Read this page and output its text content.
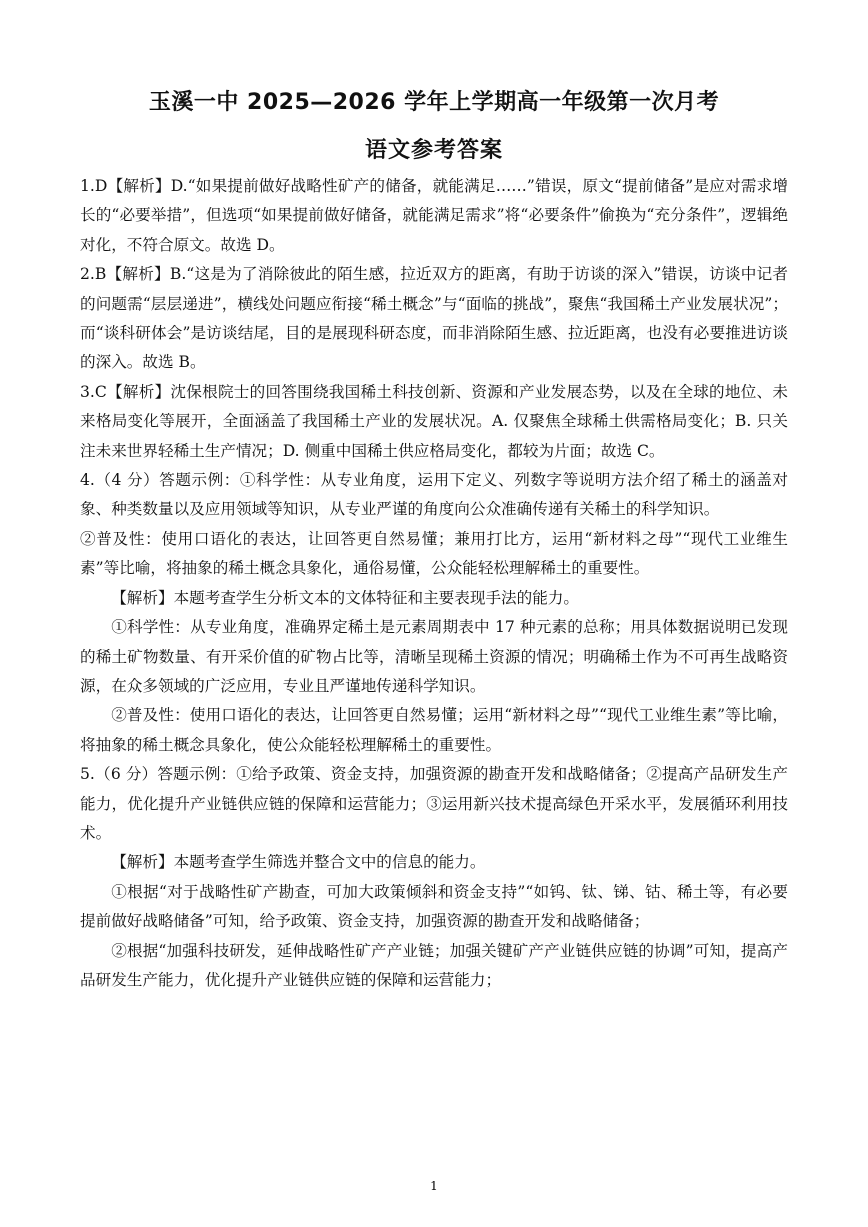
玉溪一中 2025—2026 学年上学期高一年级第一次月考
语文参考答案

1.D【解析】D.“如果提前做好战略性矿产的储备，就能满足……”错误，原文“提前储备”是应对需求增长的“必要举措”，但选项“如果提前做好储备，就能满足需求”将“必要条件”偷换为“充分条件”，逻辑绝对化，不符合原文。故选 D。

2.B【解析】B.“这是为了消除彼此的陌生感，拉近双方的距离，有助于访谈的深入”错误，访谈中记者的问题需“层层递进”，横线处问题应衔接“稀土概念”与“面临的挑战”，聚焦“我国稀土产业发展状况”；而“谈科研体会”是访谈结尾，目的是展现科研态度，而非消除陌生感、拉近距离，也没有必要推进访谈的深入。故选 B。

3.C【解析】沈保根院士的回答围绕我国稀土科技创新、资源和产业发展态势，以及在全球的地位、未来格局变化等展开，全面涵盖了我国稀土产业的发展状况。A. 仅聚焦全球稀土供需格局变化；B. 只关注未来世界轻稀土生产情况；D. 侧重中国稀土供应格局变化，都较为片面；故选 C。

4.（4 分）答题示例：①科学性：从专业角度，运用下定义、列数字等说明方法介绍了稀土的涵盖对象、种类数量以及应用领域等知识，从专业严谨的角度向公众准确传递有关稀土的科学知识。

②普及性：使用口语化的表达，让回答更自然易懂；兼用打比方，运用“新材料之母”“现代工业维生素”等比喻，将抽象的稀土概念具象化，通俗易懂，公众能轻松理解稀土的重要性。

【解析】本题考查学生分析文本的文体特征和主要表现手法的能力。

①科学性：从专业角度，准确界定稀土是元素周期表中 17 种元素的总称；用具体数据说明已发现的稀土矿物数量、有开采价值的矿物占比等，清晰呈现稀土资源的情况；明确稀土作为不可再生战略资源，在众多领域的广泛应用，专业且严谨地传递科学知识。

②普及性：使用口语化的表达，让回答更自然易懂；运用“新材料之母”“现代工业维生素”等比喻，将抽象的稀土概念具象化，使公众能轻松理解稀土的重要性。

5.（6 分）答题示例：①给予政策、资金支持，加强资源的勘查开发和战略储备；②提高产品研发生产能力，优化提升产业链供应链的保障和运营能力；③运用新兴技术提高绿色开采水平，发展循环利用技术。

【解析】本题考查学生筛选并整合文中的信息的能力。

①根据“对于战略性矿产勘查，可加大政策倾斜和资金支持”“如钨、钛、锑、钴、稀土等，有必要提前做好战略储备”可知，给予政策、资金支持，加强资源的勘查开发和战略储备；

②根据“加强科技研发，延伸战略性矿产产业链；加强关键矿产产业链供应链的协调”可知，提高产品研发生产能力，优化提升产业链供应链的保障和运营能力；

1
